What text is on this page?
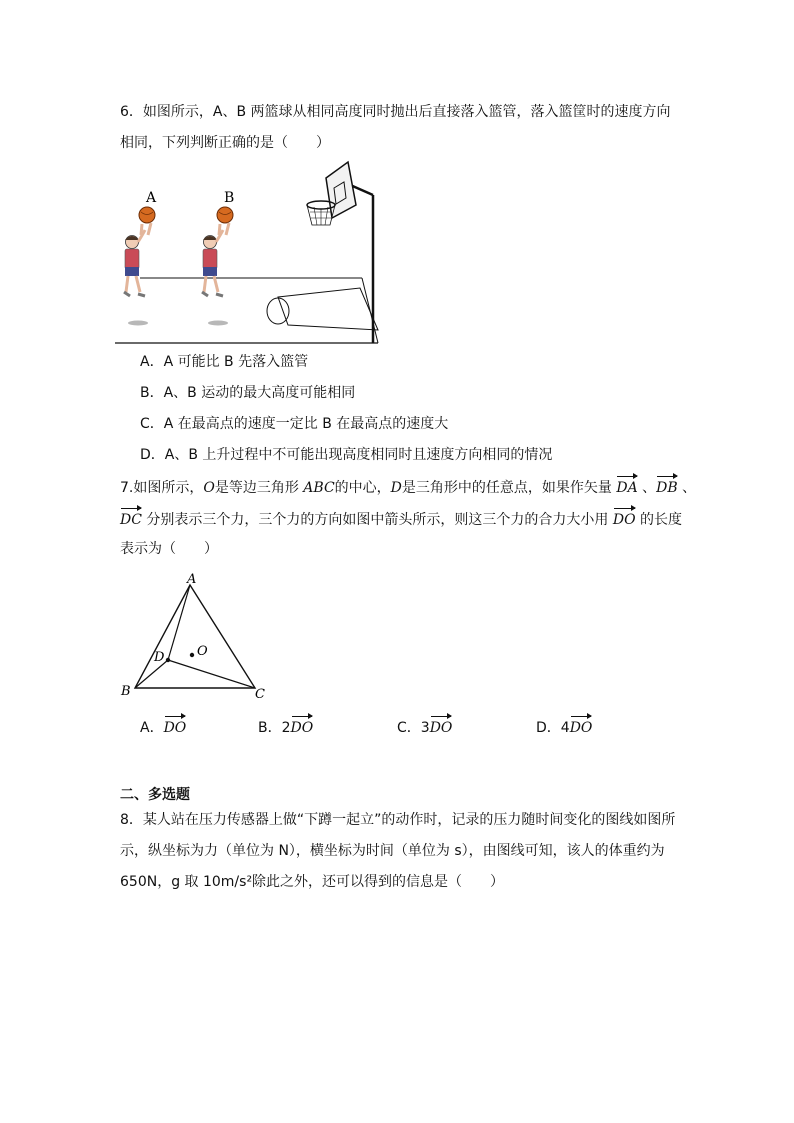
6．如图所示，A、B 两篮球从相同高度同时抛出后直接落入篮管，落入篮筐时的速度方向
相同，下列判断正确的是（　　）
A	B
A．A 可能比 B 先落入篮管
B．A、B 运动的最大高度可能相同
C．A 在最高点的速度一定比 B 在最高点的速度大
D．A、B 上升过程中不可能出现高度相同时且速度方向相同的情况
7.如图所示，O是等边三角形 ABC的中心，D是三角形中的任意点，如果作矢量 DA 、DB 、
DC 分别表示三个力，三个力的方向如图中箭头所示，则这三个力的合力大小用 DO 的长度
表示为（　　）
A
B	C
D	O
A．DO	B．2DO	C．3DO	D．4DO
二、多选题
8．某人站在压力传感器上做“下蹲一起立”的动作时，记录的压力随时间变化的图线如图所
示，纵坐标为力（单位为 N），横坐标为时间（单位为 s），由图线可知，该人的体重约为
650N，g 取 10m/s²除此之外，还可以得到的信息是（　　）
